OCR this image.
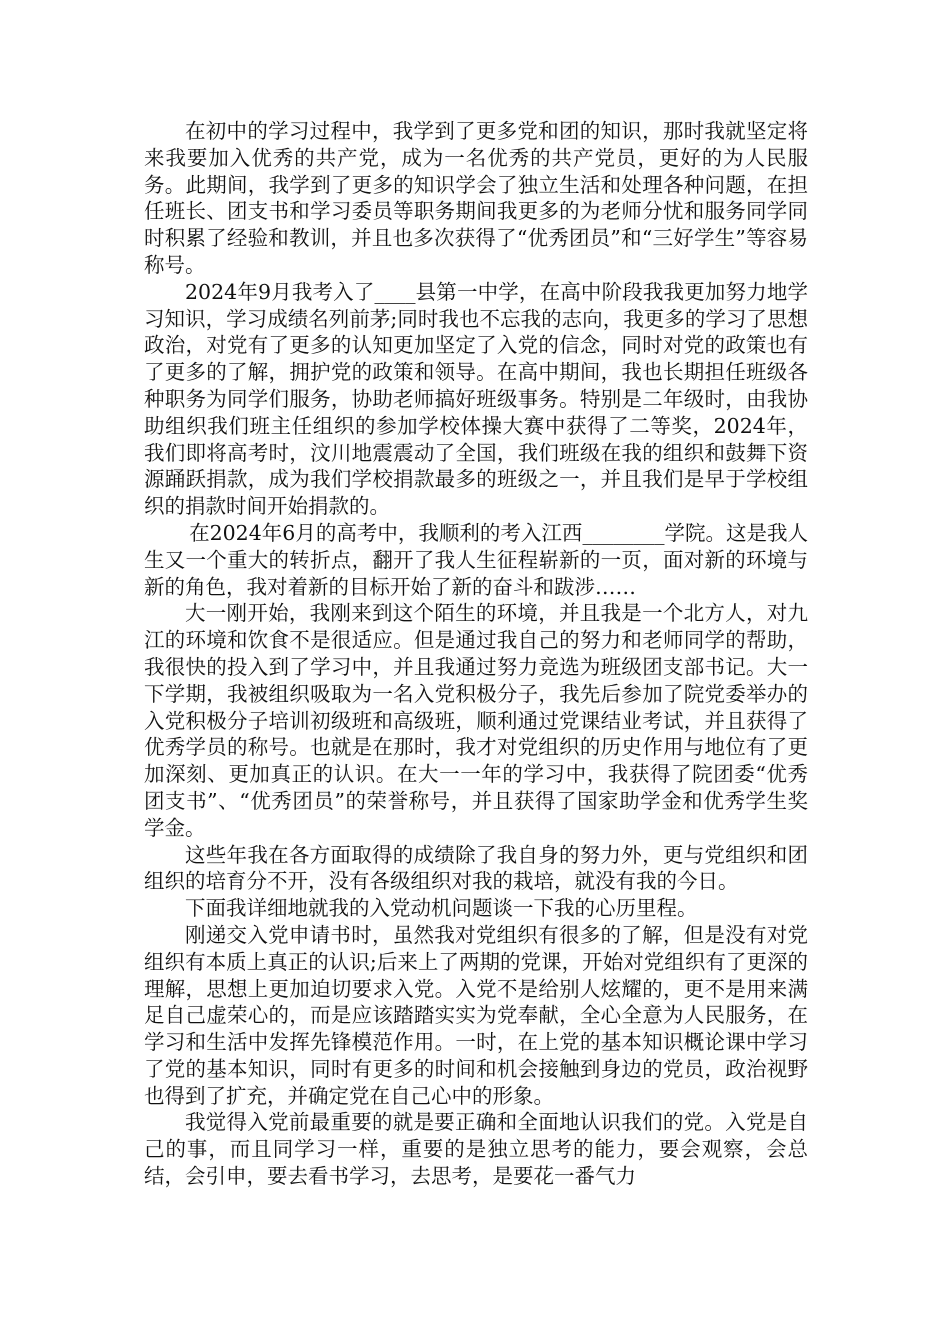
在初中的学习过程中，我学到了更多党和团的知识，那时我就坚定将来我要加入优秀的共产党，成为一名优秀的共产党员，更好的为人民服务。此期间，我学到了更多的知识学会了独立生活和处理各种问题，在担任班长、团支书和学习委员等职务期间我更多的为老师分忧和服务同学同时积累了经验和教训，并且也多次获得了“优秀团员”和“三好学生”等容易称号。

2024年9月我考入了____县第一中学，在高中阶段我我更加努力地学习知识，学习成绩名列前茅;同时我也不忘我的志向，我更多的学习了思想政治，对党有了更多的认知更加坚定了入党的信念，同时对党的政策也有了更多的了解，拥护党的政策和领导。在高中期间，我也长期担任班级各种职务为同学们服务，协助老师搞好班级事务。特别是二年级时，由我协助组织我们班主任组织的参加学校体操大赛中获得了二等奖，2024年，我们即将高考时，汶川地震震动了全国，我们班级在我的组织和鼓舞下资源踊跃捐款，成为我们学校捐款最多的班级之一，并且我们是早于学校组织的捐款时间开始捐款的。

在2024年6月的高考中，我顺利的考入江西________学院。这是我人生又一个重大的转折点，翻开了我人生征程崭新的一页，面对新的环境与新的角色，我对着新的目标开始了新的奋斗和跋涉……

大一刚开始，我刚来到这个陌生的环境，并且我是一个北方人，对九江的环境和饮食不是很适应。但是通过我自己的努力和老师同学的帮助，我很快的投入到了学习中，并且我通过努力竞选为班级团支部书记。大一下学期，我被组织吸取为一名入党积极分子，我先后参加了院党委举办的入党积极分子培训初级班和高级班，顺利通过党课结业考试，并且获得了优秀学员的称号。也就是在那时，我才对党组织的历史作用与地位有了更加深刻、更加真正的认识。在大一一年的学习中，我获得了院团委“优秀团支书”、“优秀团员”的荣誉称号，并且获得了国家助学金和优秀学生奖学金。

这些年我在各方面取得的成绩除了我自身的努力外，更与党组织和团组织的培育分不开，没有各级组织对我的栽培，就没有我的今日。

下面我详细地就我的入党动机问题谈一下我的心历里程。

刚递交入党申请书时，虽然我对党组织有很多的了解，但是没有对党组织有本质上真正的认识;后来上了两期的党课，开始对党组织有了更深的理解，思想上更加迫切要求入党。入党不是给别人炫耀的，更不是用来满足自己虚荣心的，而是应该踏踏实实为党奉献，全心全意为人民服务，在学习和生活中发挥先锋模范作用。一时，在上党的基本知识概论课中学习了党的基本知识，同时有更多的时间和机会接触到身边的党员，政治视野也得到了扩充，并确定党在自己心中的形象。

我觉得入党前最重要的就是要正确和全面地认识我们的党。入党是自己的事，而且同学习一样，重要的是独立思考的能力，要会观察，会总结，会引申，要去看书学习，去思考，是要花一番气力
